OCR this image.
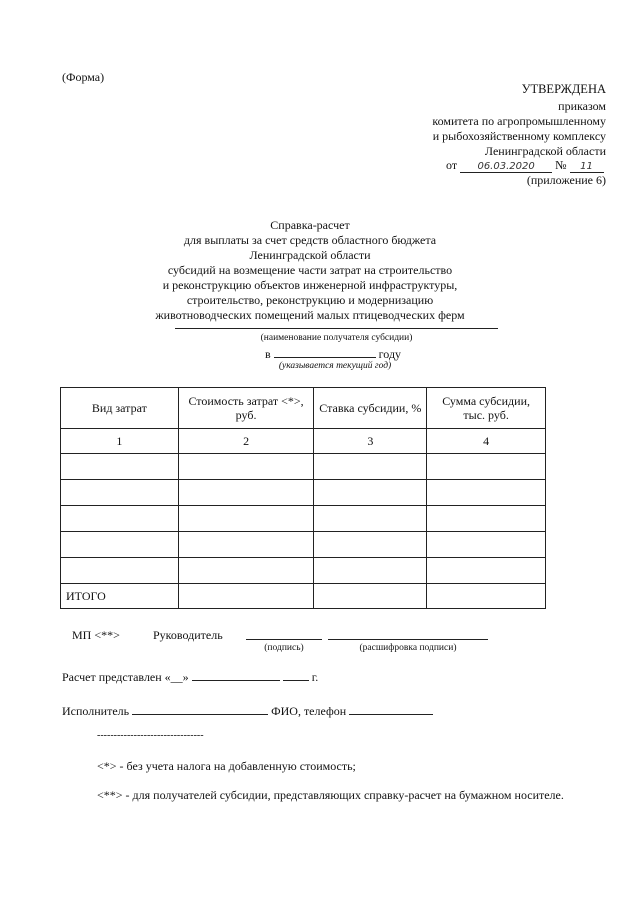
(Форма)
УТВЕРЖДЕНА
приказом
комитета по агропромышленному
и рыбохозяйственному комплексу
Ленинградской области
от 06.03.2020 № 11
(приложение 6)
Справка-расчет
для выплаты за счет средств областного бюджета
Ленинградской области
субсидий на возмещение части затрат на строительство
и реконструкцию объектов инженерной инфраструктуры,
строительство, реконструкцию и модернизацию
животноводческих помещений малых птицеводческих ферм
(наименование получателя субсидии)
в	году
(указывается текущий год)
Вид затрат	Стоимость затрат <*>, руб.	Ставка субсидии, %	Сумма субсидии, тыс. руб.
1	2	3	4

ИТОГО			
МП <**>	Руководитель
(подпись)	(расшифровка подписи)
Расчет представлен «__»	г.
Исполнитель	ФИО, телефон
--------------------------------
<*> - без учета налога на добавленную стоимость;
<**> - для получателей субсидии, представляющих справку-расчет на бумажном носителе.
